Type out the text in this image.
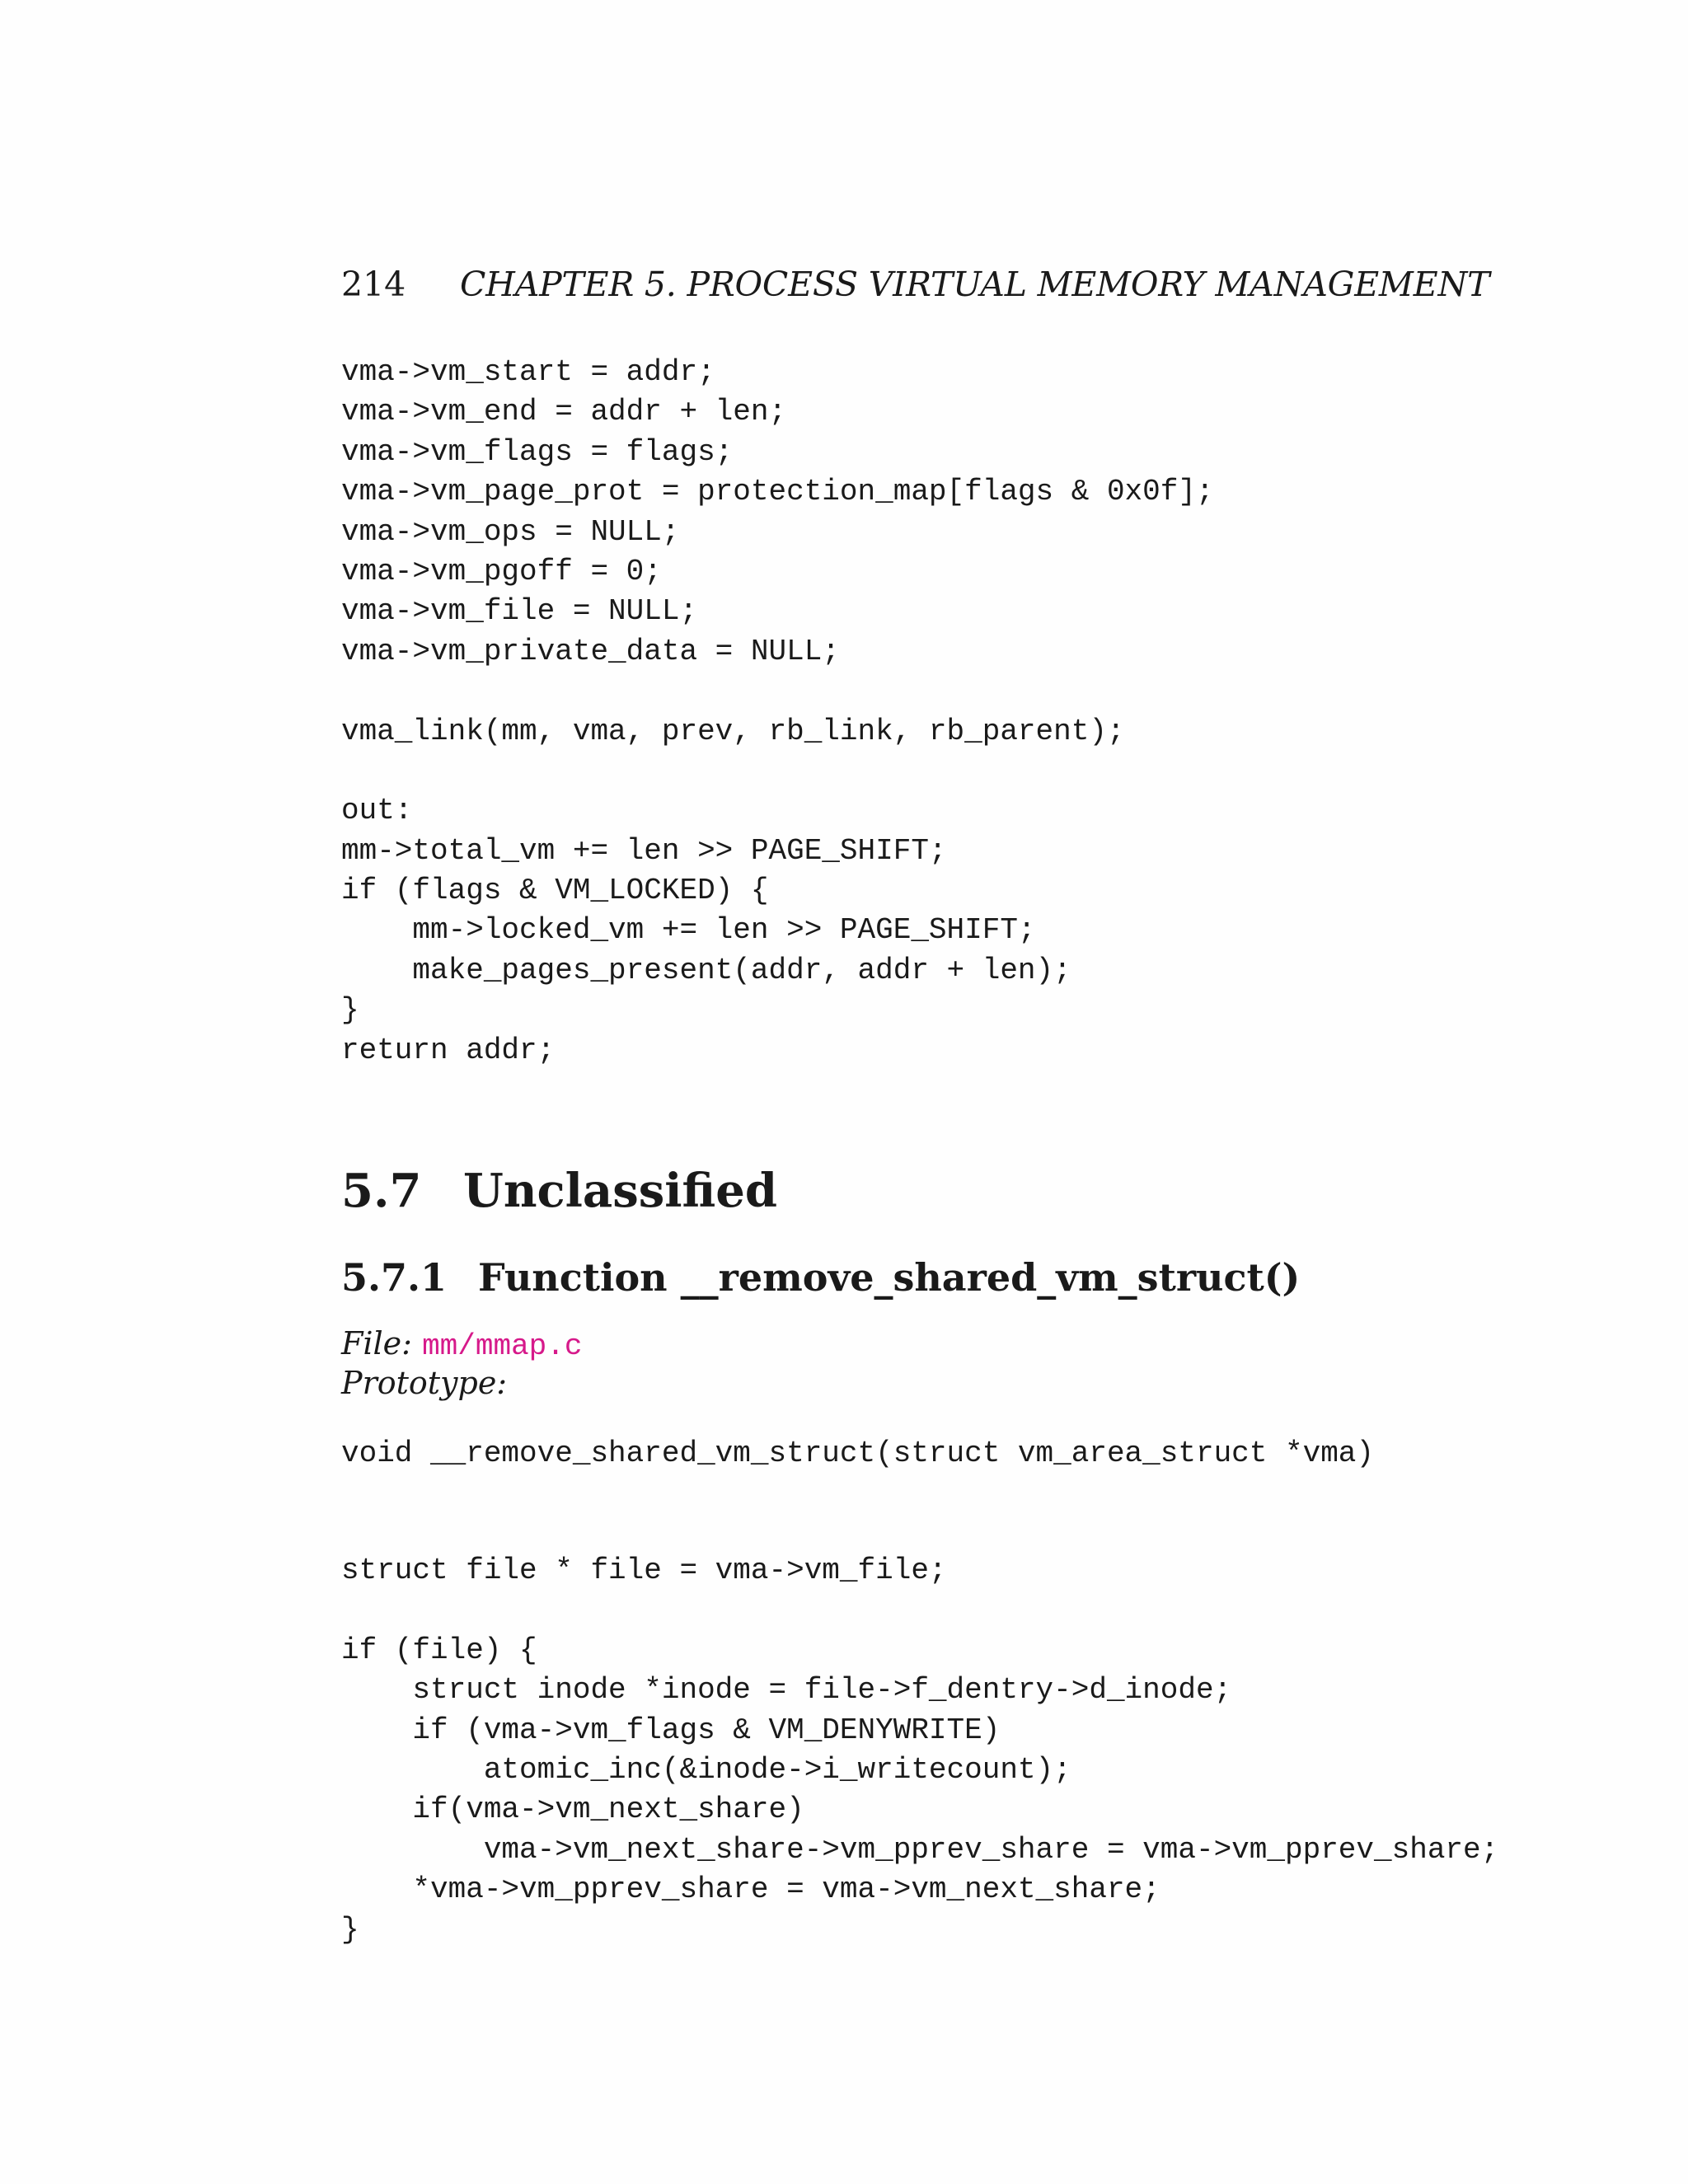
214 CHAPTER 5. PROCESS VIRTUAL MEMORY MANAGEMENT
vma->vm_start = addr;
vma->vm_end = addr + len;
vma->vm_flags = flags;
vma->vm_page_prot = protection_map[flags & 0x0f];
vma->vm_ops = NULL;
vma->vm_pgoff = 0;
vma->vm_file = NULL;
vma->vm_private_data = NULL;
vma_link(mm, vma, prev, rb_link, rb_parent);
out:
mm->total_vm += len >> PAGE_SHIFT;
if (flags & VM_LOCKED) {
mm->locked_vm += len >> PAGE_SHIFT;
make_pages_present(addr, addr + len);
}
return addr;
5.7 Unclassified
5.7.1 Function __remove_shared_vm_struct()
File: mm/mmap.c
Prototype:
void __remove_shared_vm_struct(struct vm_area_struct *vma)
struct file * file = vma->vm_file;
if (file) {
struct inode *inode = file->f_dentry->d_inode;
if (vma->vm_flags & VM_DENYWRITE)
atomic_inc(&inode->i_writecount);
if(vma->vm_next_share)
vma->vm_next_share->vm_pprev_share = vma->vm_pprev_share;
*vma->vm_pprev_share = vma->vm_next_share;
}
